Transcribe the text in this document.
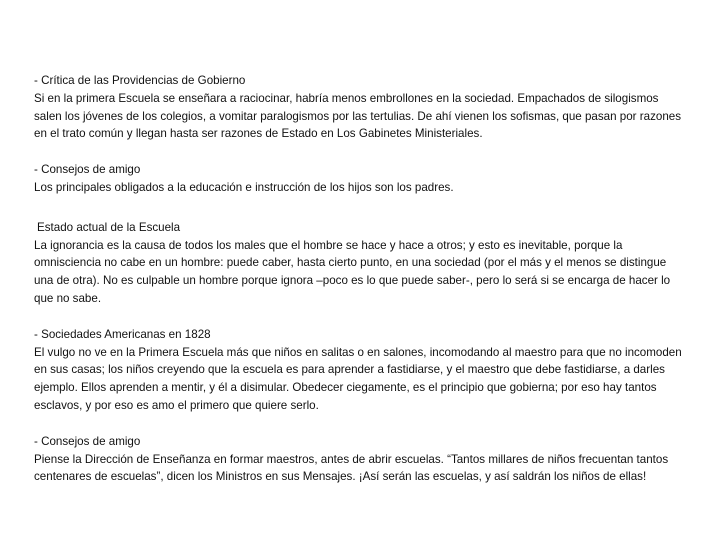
- Crítica de las Providencias de Gobierno

Si en la primera Escuela se enseñara a raciocinar, habría menos embrollones en la sociedad. Empachados de silogismos salen los jóvenes de los colegios, a vomitar paralogismos por las tertulias. De ahí vienen los sofismas, que pasan por razones en el trato común y llegan hasta ser razones de Estado en Los Gabinetes Ministeriales.

- Consejos de amigo

Los principales obligados a la educación e instrucción de los hijos son los padres.

Estado actual de la Escuela

La ignorancia es la causa de todos los males que el hombre se hace y hace a otros; y esto es inevitable, porque la omnisciencia no cabe en un hombre: puede caber, hasta cierto punto, en una sociedad (por el más y el menos se distingue una de otra). No es culpable un hombre porque ignora –poco es lo que puede saber-, pero lo será si se encarga de hacer lo que no sabe.

- Sociedades Americanas en 1828

El vulgo no ve en la Primera Escuela más que niños en salitas o en salones, incomodando al maestro para que no incomoden en sus casas; los niños creyendo que la escuela es para aprender a fastidiarse, y el maestro que debe fastidiarse, a darles ejemplo. Ellos aprenden a mentir, y él a disimular. Obedecer ciegamente, es el principio que gobierna; por eso hay tantos esclavos, y por eso es amo el primero que quiere serlo.

- Consejos de amigo

Piense la Dirección de Enseñanza en formar maestros, antes de abrir escuelas. “Tantos millares de niños frecuentan tantos centenares de escuelas”, dicen los Ministros en sus Mensajes. ¡Así serán las escuelas, y así saldrán los niños de ellas!
